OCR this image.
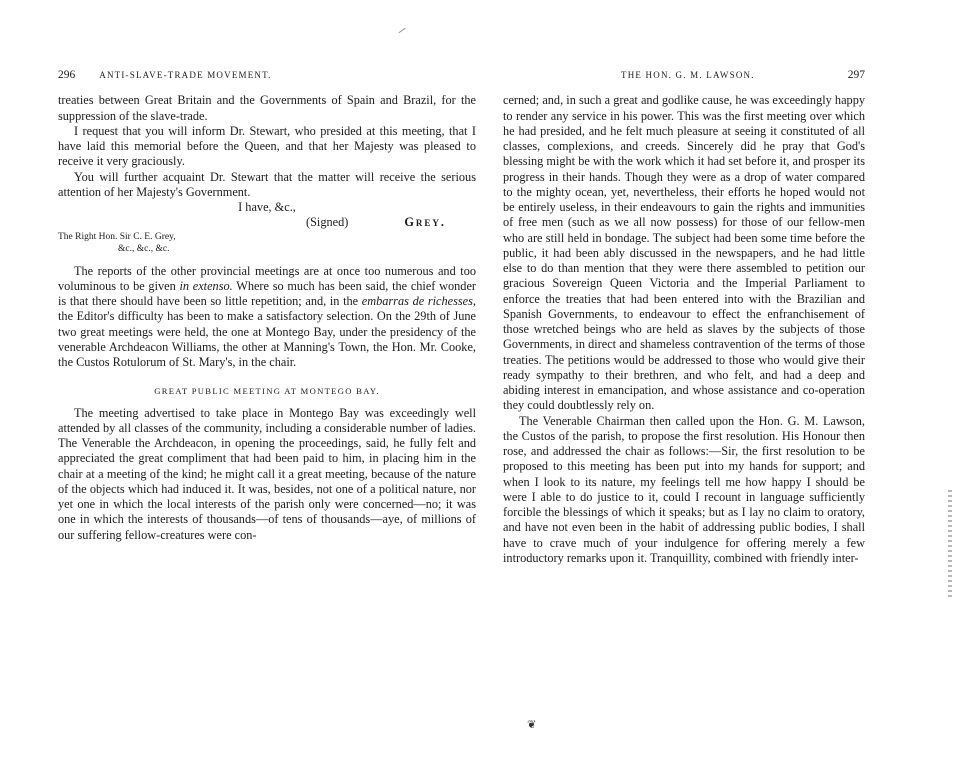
296	ANTI-SLAVE-TRADE MOVEMENT.

treaties between Great Britain and the Governments of Spain and Brazil, for the suppression of the slave-trade.

I request that you will inform Dr. Stewart, who presided at this meeting, that I have laid this memorial before the Queen, and that her Majesty was pleased to receive it very graciously.

You will further acquaint Dr. Stewart that the matter will receive the serious attention of her Majesty's Government.

I have, &c.,

(Signed)	Grey.
The Right Hon. Sir C. E. Grey,
&c., &c., &c.

The reports of the other provincial meetings are at once too numerous and too voluminous to be given in extenso. Where so much has been said, the chief wonder is that there should have been so little repetition; and, in the embarras de richesses, the Editor's difficulty has been to make a satisfactory selection. On the 29th of June two great meetings were held, the one at Montego Bay, under the presidency of the venerable Archdeacon Williams, the other at Manning's Town, the Hon. Mr. Cooke, the Custos Rotulorum of St. Mary's, in the chair.

GREAT PUBLIC MEETING AT MONTEGO BAY.

The meeting advertised to take place in Montego Bay was exceedingly well attended by all classes of the community, including a considerable number of ladies. The Venerable the Archdeacon, in opening the proceedings, said, he fully felt and appreciated the great compliment that had been paid to him, in placing him in the chair at a meeting of the kind; he might call it a great meeting, because of the nature of the objects which had induced it. It was, besides, not one of a political nature, nor yet one in which the local interests of the parish only were concerned—no; it was one in which the interests of thousands—of tens of thousands—aye, of millions of our suffering fellow-creatures were con-

THE HON. G. M. LAWSON.	297

cerned; and, in such a great and godlike cause, he was exceedingly happy to render any service in his power. This was the first meeting over which he had presided, and he felt much pleasure at seeing it constituted of all classes, complexions, and creeds. Sincerely did he pray that God's blessing might be with the work which it had set before it, and prosper its progress in their hands. Though they were as a drop of water compared to the mighty ocean, yet, nevertheless, their efforts he hoped would not be entirely useless, in their endeavours to gain the rights and immunities of free men (such as we all now possess) for those of our fellow-men who are still held in bondage. The subject had been some time before the public, it had been ably discussed in the newspapers, and he had little else to do than mention that they were there assembled to petition our gracious Sovereign Queen Victoria and the Imperial Parliament to enforce the treaties that had been entered into with the Brazilian and Spanish Governments, to endeavour to effect the enfranchisement of those wretched beings who are held as slaves by the subjects of those Governments, in direct and shameless contravention of the terms of those treaties. The petitions would be addressed to those who would give their ready sympathy to their brethren, and who felt, and had a deep and abiding interest in emancipation, and whose assistance and co-operation they could doubtlessly rely on.

The Venerable Chairman then called upon the Hon. G. M. Lawson, the Custos of the parish, to propose the first resolution. His Honour then rose, and addressed the chair as follows:—Sir, the first resolution to be proposed to this meeting has been put into my hands for support; and when I look to its nature, my feelings tell me how happy I should be were I able to do justice to it, could I recount in language sufficiently forcible the blessings of which it speaks; but as I lay no claim to oratory, and have not even been in the habit of addressing public bodies, I shall have to crave much of your indulgence for offering merely a few introductory remarks upon it. Tranquillity, combined with friendly inter-

❦
